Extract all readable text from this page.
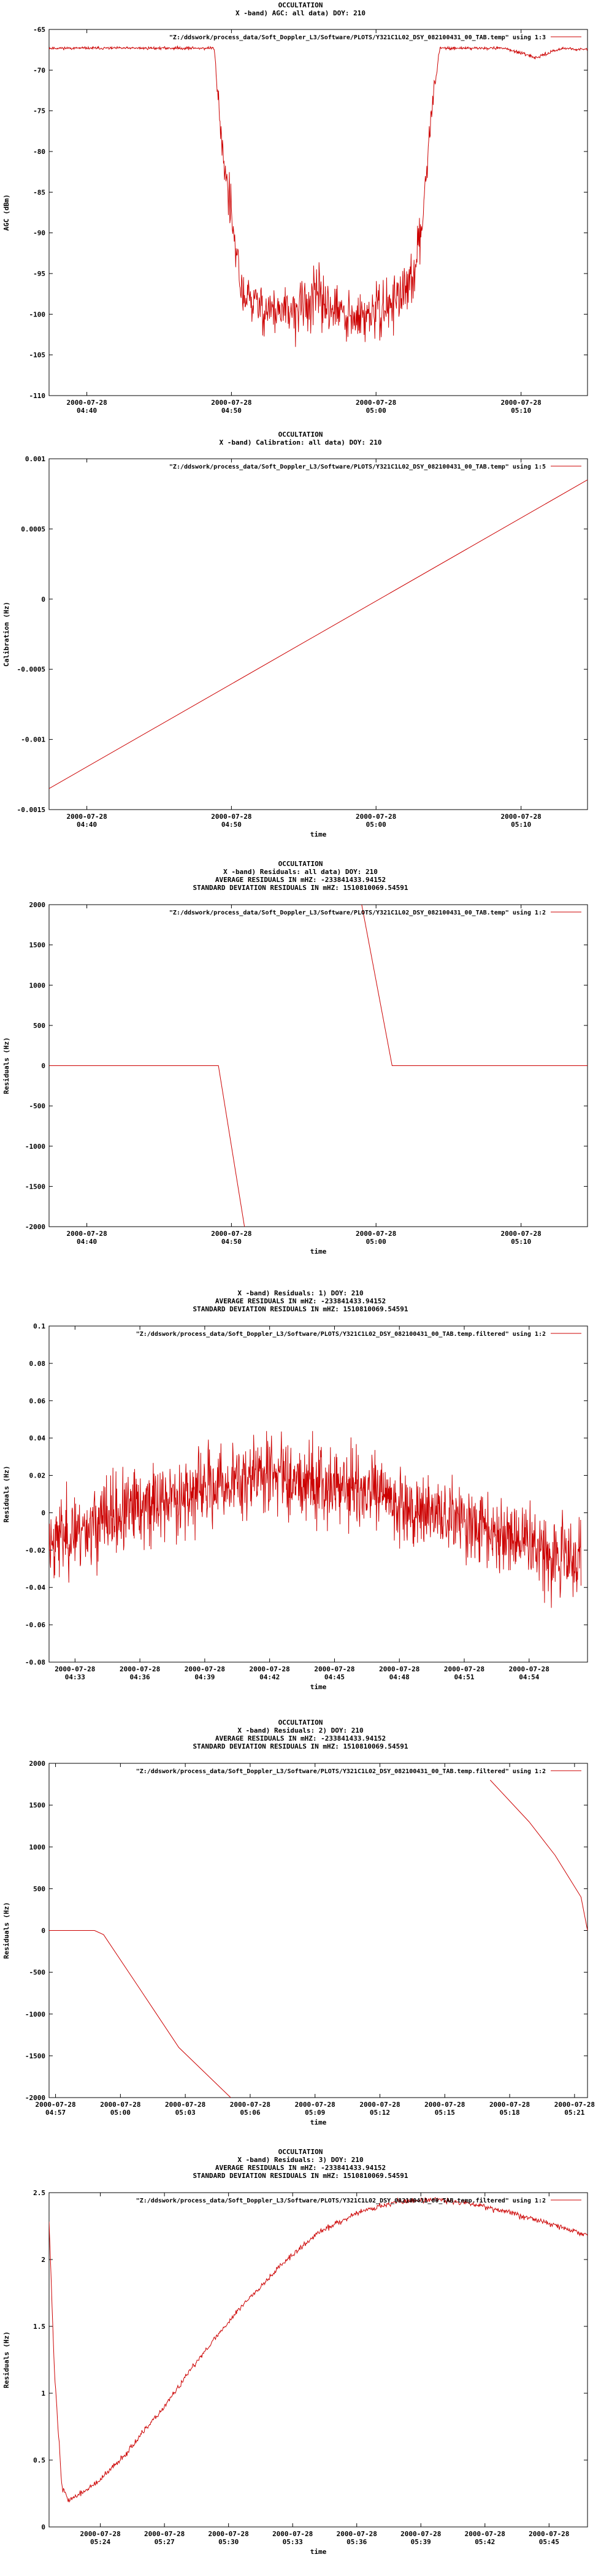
OCCULTATION
X -band) AGC: all data) DOY: 210
-65
-70
-75
-80
-85
-90
-95
-100
-105
-110
2000-07-28
04:40
2000-07-28
04:50
2000-07-28
05:00
2000-07-28
05:10
AGC (dBm)
"Z:/ddswork/process_data/Soft_Doppler_L3/Software/PLOTS/Y321C1L02_DSY_082100431_00_TAB.temp" using 1:3
OCCULTATION
X -band) Calibration: all data) DOY: 210
0.001
0.0005
0
-0.0005
-0.001
-0.0015
2000-07-28
04:40
2000-07-28
04:50
2000-07-28
05:00
2000-07-28
05:10
time
Calibration (Hz)
"Z:/ddswork/process_data/Soft_Doppler_L3/Software/PLOTS/Y321C1L02_DSY_082100431_00_TAB.temp" using 1:5
OCCULTATION
X -band) Residuals: all data) DOY: 210
AVERAGE RESIDUALS IN mHZ: -233841433.94152
STANDARD DEVIATION RESIDUALS IN mHZ: 1510810069.54591
2000
1500
1000
500
0
-500
-1000
-1500
-2000
2000-07-28
04:40
2000-07-28
04:50
2000-07-28
05:00
2000-07-28
05:10
time
Residuals (Hz)
"Z:/ddswork/process_data/Soft_Doppler_L3/Software/PLOTS/Y321C1L02_DSY_082100431_00_TAB.temp" using 1:2
X -band) Residuals: 1) DOY: 210
AVERAGE RESIDUALS IN mHZ: -233841433.94152
STANDARD DEVIATION RESIDUALS IN mHZ: 1510810069.54591
0.1
0.08
0.06
0.04
0.02
0
-0.02
-0.04
-0.06
-0.08
2000-07-28
04:33
2000-07-28
04:36
2000-07-28
04:39
2000-07-28
04:42
2000-07-28
04:45
2000-07-28
04:48
2000-07-28
04:51
2000-07-28
04:54
time
Residuals (Hz)
"Z:/ddswork/process_data/Soft_Doppler_L3/Software/PLOTS/Y321C1L02_DSY_082100431_00_TAB.temp.filtered" using 1:2
OCCULTATION
X -band) Residuals: 2) DOY: 210
AVERAGE RESIDUALS IN mHZ: -233841433.94152
STANDARD DEVIATION RESIDUALS IN mHZ: 1510810069.54591
2000
1500
1000
500
0
-500
-1000
-1500
-2000
2000-07-28
04:57
2000-07-28
05:00
2000-07-28
05:03
2000-07-28
05:06
2000-07-28
05:09
2000-07-28
05:12
2000-07-28
05:15
2000-07-28
05:18
2000-07-28
05:21
time
Residuals (Hz)
"Z:/ddswork/process_data/Soft_Doppler_L3/Software/PLOTS/Y321C1L02_DSY_082100431_00_TAB.temp.filtered" using 1:2
OCCULTATION
X -band) Residuals: 3) DOY: 210
AVERAGE RESIDUALS IN mHZ: -233841433.94152
STANDARD DEVIATION RESIDUALS IN mHZ: 1510810069.54591
2.5
2
1.5
1
0.5
0
2000-07-28
05:24
2000-07-28
05:27
2000-07-28
05:30
2000-07-28
05:33
2000-07-28
05:36
2000-07-28
05:39
2000-07-28
05:42
2000-07-28
05:45
time
Residuals (Hz)
"Z:/ddswork/process_data/Soft_Doppler_L3/Software/PLOTS/Y321C1L02_DSY_082100431_00_TAB.temp.filtered" using 1:2
